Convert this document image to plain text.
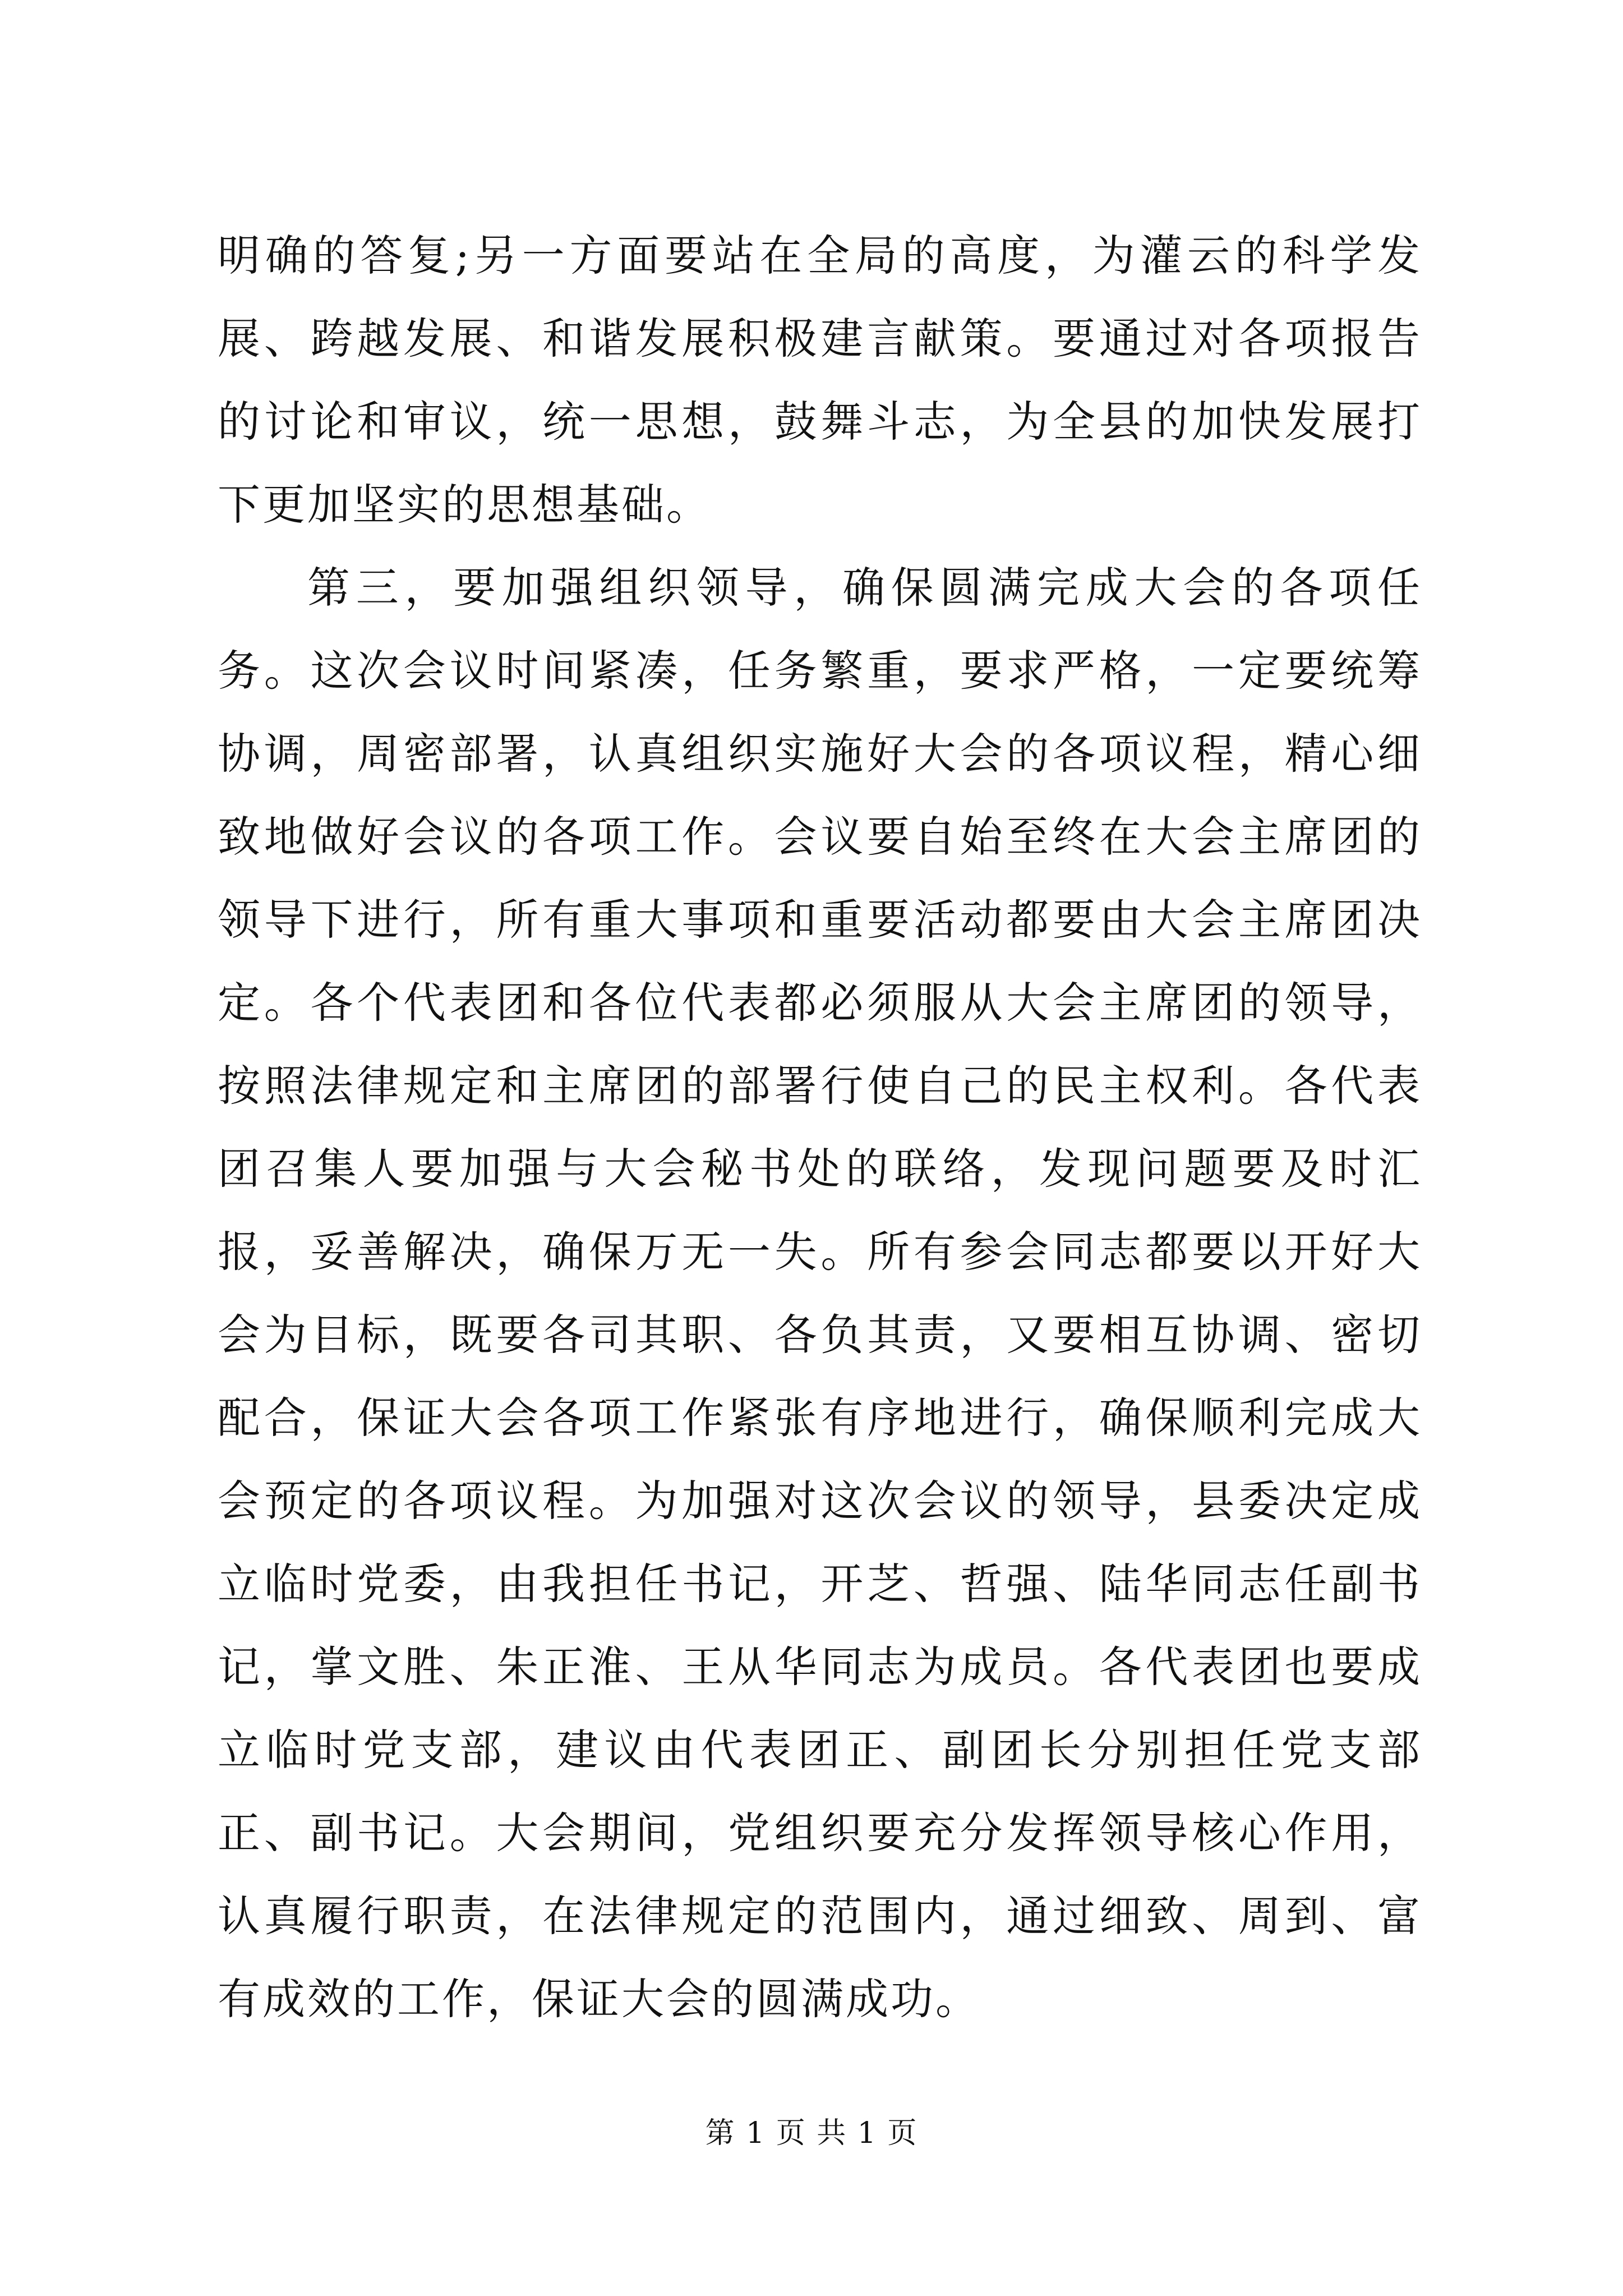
明确的答复;另一方面要站在全局的高度，为灌云的科学发展、跨越发展、和谐发展积极建言献策。要通过对各项报告的讨论和审议，统一思想，鼓舞斗志，为全县的加快发展打下更加坚实的思想基础。

第三，要加强组织领导，确保圆满完成大会的各项任务。这次会议时间紧凑，任务繁重，要求严格，一定要统筹协调，周密部署，认真组织实施好大会的各项议程，精心细致地做好会议的各项工作。会议要自始至终在大会主席团的领导下进行，所有重大事项和重要活动都要由大会主席团决定。各个代表团和各位代表都必须服从大会主席团的领导，按照法律规定和主席团的部署行使自己的民主权利。各代表团召集人要加强与大会秘书处的联络，发现问题要及时汇报，妥善解决，确保万无一失。所有参会同志都要以开好大会为目标，既要各司其职、各负其责，又要相互协调、密切配合，保证大会各项工作紧张有序地进行，确保顺利完成大会预定的各项议程。为加强对这次会议的领导，县委决定成立临时党委，由我担任书记，开芝、哲强、陆华同志任副书记，掌文胜、朱正淮、王从华同志为成员。各代表团也要成立临时党支部，建议由代表团正、副团长分别担任党支部正、副书记。大会期间，党组织要充分发挥领导核心作用，认真履行职责，在法律规定的范围内，通过细致、周到、富有成效的工作，保证大会的圆满成功。

第 1 页 共 1 页
